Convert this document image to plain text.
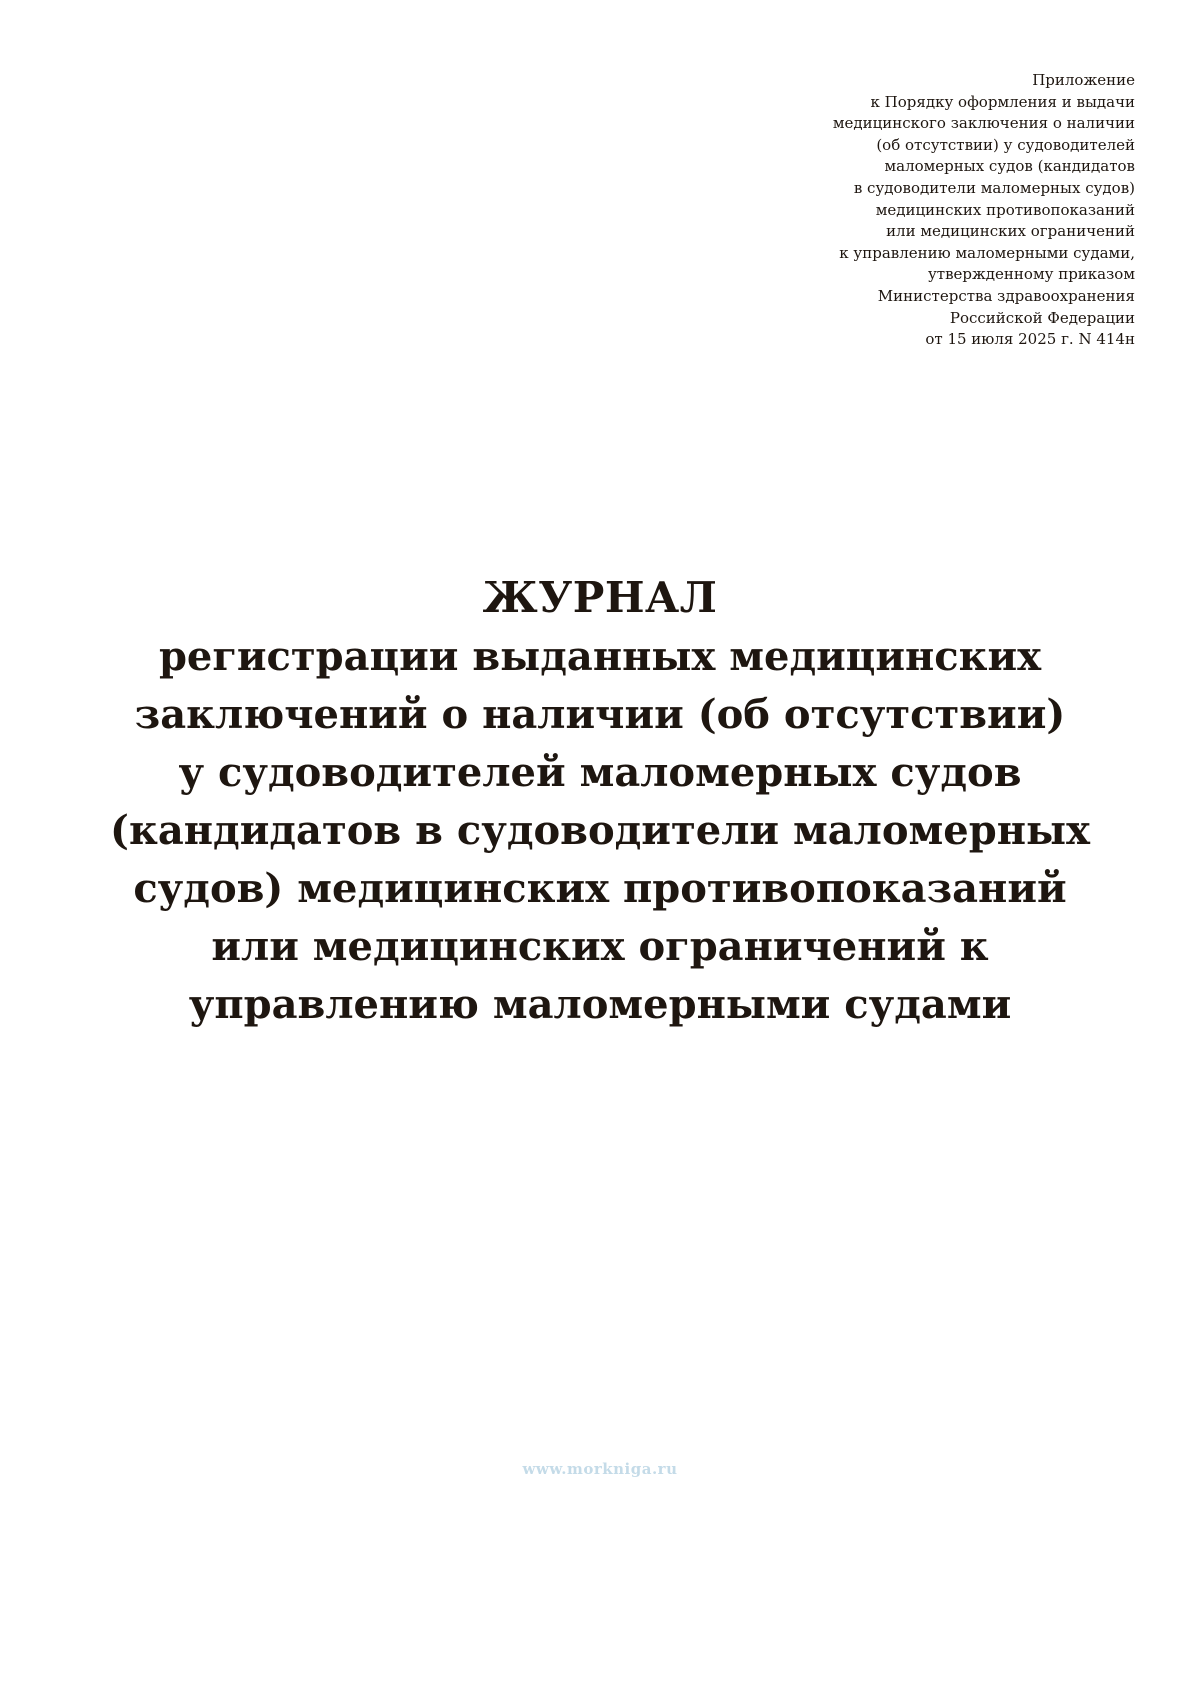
Приложение
к Порядку оформления и выдачи
медицинского заключения о наличии
(об отсутствии) у судоводителей
маломерных судов (кандидатов
в судоводители маломерных судов)
медицинских противопоказаний
или медицинских ограничений
к управлению маломерными судами,
утвержденному приказом
Министерства здравоохранения
Российской Федерации
от 15 июля 2025 г. N 414н
ЖУРНАЛ
регистрации выданных медицинских
заключений о наличии (об отсутствии)
у судоводителей маломерных судов
(кандидатов в судоводители маломерных
судов) медицинских противопоказаний
или медицинских ограничений к
управлению маломерными судами
www.morkniga.ru
